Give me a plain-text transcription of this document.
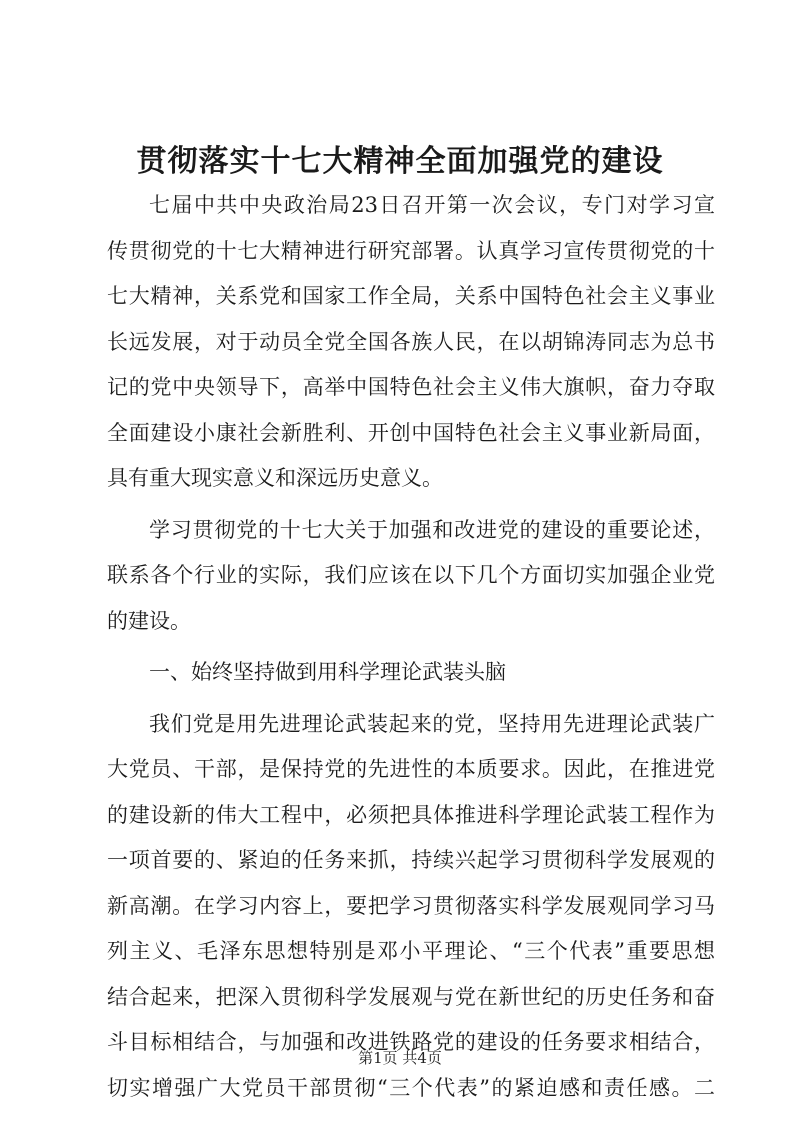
贯彻落实十七大精神全面加强党的建设
七届中共中央政治局23日召开第一次会议，专门对学习宣
传贯彻党的十七大精神进行研究部署。认真学习宣传贯彻党的十
七大精神，关系党和国家工作全局，关系中国特色社会主义事业
长远发展，对于动员全党全国各族人民，在以胡锦涛同志为总书
记的党中央领导下，高举中国特色社会主义伟大旗帜，奋力夺取
全面建设小康社会新胜利、开创中国特色社会主义事业新局面，
具有重大现实意义和深远历史意义。
学习贯彻党的十七大关于加强和改进党的建设的重要论述，
联系各个行业的实际，我们应该在以下几个方面切实加强企业党
的建设。
一、始终坚持做到用科学理论武装头脑
我们党是用先进理论武装起来的党，坚持用先进理论武装广
大党员、干部，是保持党的先进性的本质要求。因此，在推进党
的建设新的伟大工程中，必须把具体推进科学理论武装工程作为
一项首要的、紧迫的任务来抓，持续兴起学习贯彻科学发展观的
新高潮。在学习内容上，要把学习贯彻落实科学发展观同学习马
列主义、毛泽东思想特别是邓小平理论、“三个代表”重要思想
结合起来，把深入贯彻科学发展观与党在新世纪的历史任务和奋
斗目标相结合，与加强和改进铁路党的建设的任务要求相结合，
切实增强广大党员干部贯彻“三个代表”的紧迫感和责任感。二
第1页 共4页
